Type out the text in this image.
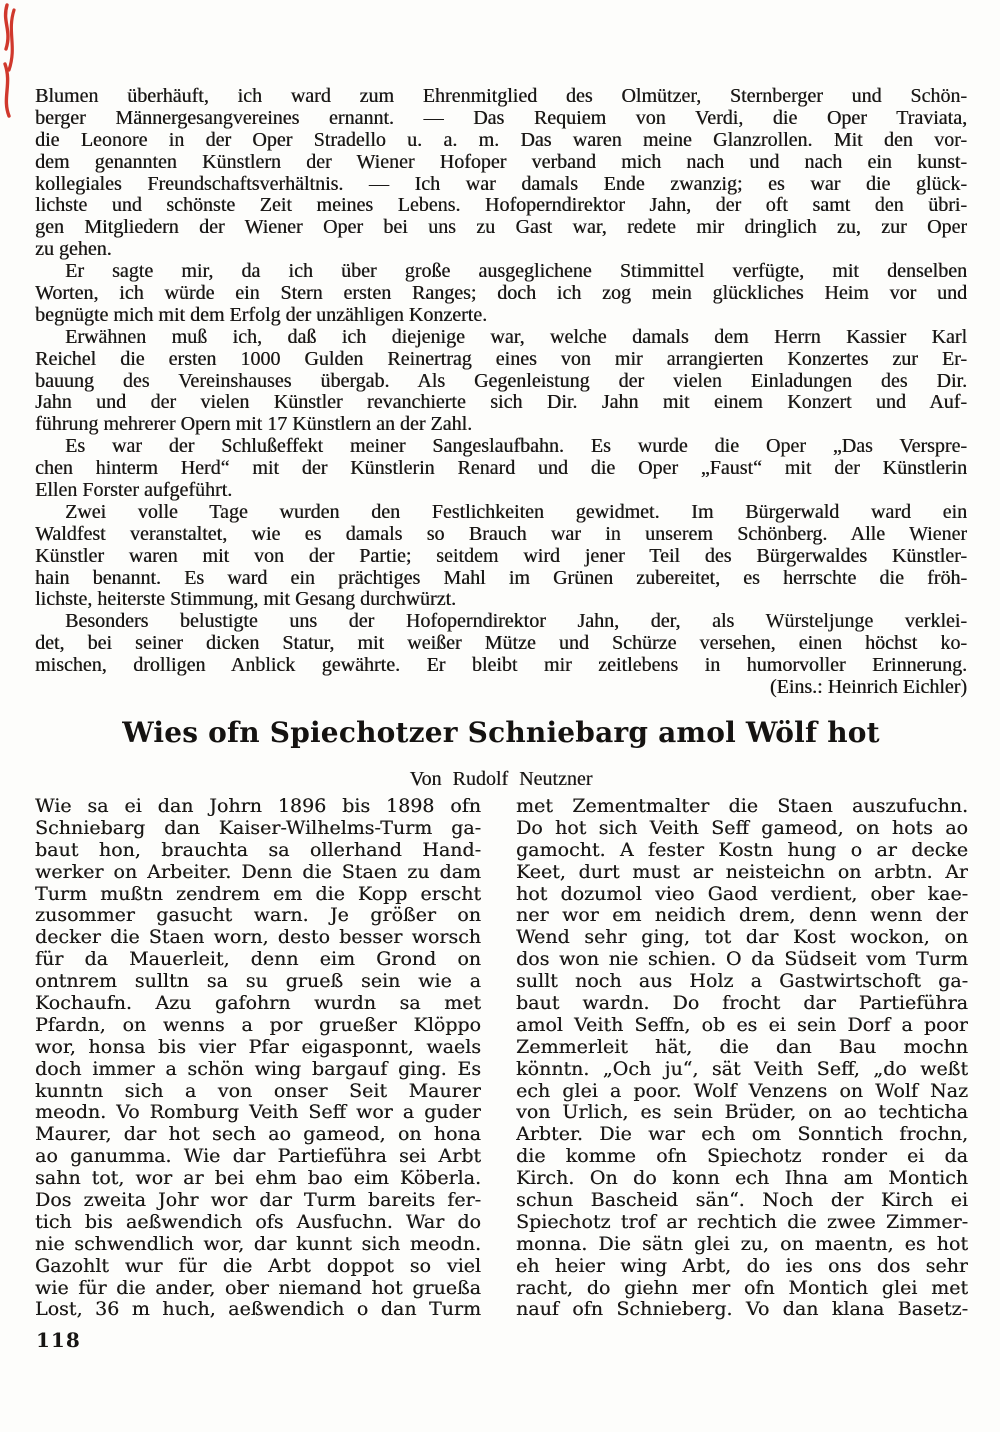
Blumen überhäuft, ich ward zum Ehrenmitglied des Olmützer, Sternberger und Schön-
berger Männergesangvereines ernannt. — Das Requiem von Verdi, die Oper Traviata,
die Leonore in der Oper Stradello u. a. m. Das waren meine Glanzrollen. Mit den vor-
dem genannten Künstlern der Wiener Hofoper verband mich nach und nach ein kunst-
kollegiales Freundschaftsverhältnis. — Ich war damals Ende zwanzig; es war die glück-
lichste und schönste Zeit meines Lebens. Hofoperndirektor Jahn, der oft samt den übri-
gen Mitgliedern der Wiener Oper bei uns zu Gast war, redete mir dringlich zu, zur Oper
zu gehen.
Er sagte mir, da ich über große ausgeglichene Stimmittel verfügte, mit denselben
Worten, ich würde ein Stern ersten Ranges; doch ich zog mein glückliches Heim vor und
begnügte mich mit dem Erfolg der unzähligen Konzerte.
Erwähnen muß ich, daß ich diejenige war, welche damals dem Herrn Kassier Karl
Reichel die ersten 1000 Gulden Reinertrag eines von mir arrangierten Konzertes zur Er-
bauung des Vereinshauses übergab. Als Gegenleistung der vielen Einladungen des Dir.
Jahn und der vielen Künstler revanchierte sich Dir. Jahn mit einem Konzert und Auf-
führung mehrerer Opern mit 17 Künstlern an der Zahl.
Es war der Schlußeffekt meiner Sangeslaufbahn. Es wurde die Oper „Das Verspre-
chen hinterm Herd“ mit der Künstlerin Renard und die Oper „Faust“ mit der Künstlerin
Ellen Forster aufgeführt.
Zwei volle Tage wurden den Festlichkeiten gewidmet. Im Bürgerwald ward ein
Waldfest veranstaltet, wie es damals so Brauch war in unserem Schönberg. Alle Wiener
Künstler waren mit von der Partie; seitdem wird jener Teil des Bürgerwaldes Künstler-
hain benannt. Es ward ein prächtiges Mahl im Grünen zubereitet, es herrschte die fröh-
lichste, heiterste Stimmung, mit Gesang durchwürzt.
Besonders belustigte uns der Hofoperndirektor Jahn, der, als Würsteljunge verklei-
det, bei seiner dicken Statur, mit weißer Mütze und Schürze versehen, einen höchst ko-
mischen, drolligen Anblick gewährte. Er bleibt mir zeitlebens in humorvoller Erinnerung.
(Eins.: Heinrich Eichler)
Wies ofn Spiechotzer Schniebarg amol Wölf hot
Von Rudolf Neutzner
Wie sa ei dan Johrn 1896 bis 1898 ofn
Schniebarg dan Kaiser-Wilhelms-Turm ga-
baut hon, brauchta sa ollerhand Hand-
werker on Arbeiter. Denn die Staen zu dam
Turm mußtn zendrem em die Kopp erscht
zusommer gasucht warn. Je größer on
decker die Staen worn, desto besser worsch
für da Mauerleit, denn eim Grond on
ontnrem sulltn sa su grueß sein wie a
Kochaufn. Azu gafohrn wurdn sa met
Pfardn, on wenns a por grueßer Klöppo
wor, honsa bis vier Pfar eigasponnt, waels
doch immer a schön wing bargauf ging. Es
kunntn sich a von onser Seit Maurer
meodn. Vo Romburg Veith Seff wor a guder
Maurer, dar hot sech ao gameod, on hona
ao ganumma. Wie dar Partieführa sei Arbt
sahn tot, wor ar bei ehm bao eim Köberla.
Dos zweita Johr wor dar Turm bareits fer-
tich bis aeßwendich ofs Ausfuchn. War do
nie schwendlich wor, dar kunnt sich meodn.
Gazohlt wur für die Arbt doppot so viel
wie für die ander, ober niemand hot grueßa
Lost, 36 m huch, aeßwendich o dan Turm
met Zementmalter die Staen auszufuchn.
Do hot sich Veith Seff gameod, on hots ao
gamocht. A fester Kostn hung o ar decke
Keet, durt must ar neisteichn on arbtn. Ar
hot dozumol vieo Gaod verdient, ober kae-
ner wor em neidich drem, denn wenn der
Wend sehr ging, tot dar Kost wockon, on
dos won nie schien. O da Südseit vom Turm
sullt noch aus Holz a Gastwirtschoft ga-
baut wardn. Do frocht dar Partieführa
amol Veith Seffn, ob es ei sein Dorf a poor
Zemmerleit hät, die dan Bau mochn
könntn. „Och ju“, sät Veith Seff, „do weßt
ech glei a poor. Wolf Venzens on Wolf Naz
von Urlich, es sein Brüder, on ao techticha
Arbter. Die war ech om Sonntich frochn,
die komme ofn Spiechotz ronder ei da
Kirch. On do konn ech Ihna am Montich
schun Bascheid sän“. Noch der Kirch ei
Spiechotz trof ar rechtich die zwee Zimmer-
monna. Die sätn glei zu, on maentn, es hot
eh heier wing Arbt, do ies ons dos sehr
racht, do giehn mer ofn Montich glei met
nauf ofn Schnieberg. Vo dan klana Basetz-
118
